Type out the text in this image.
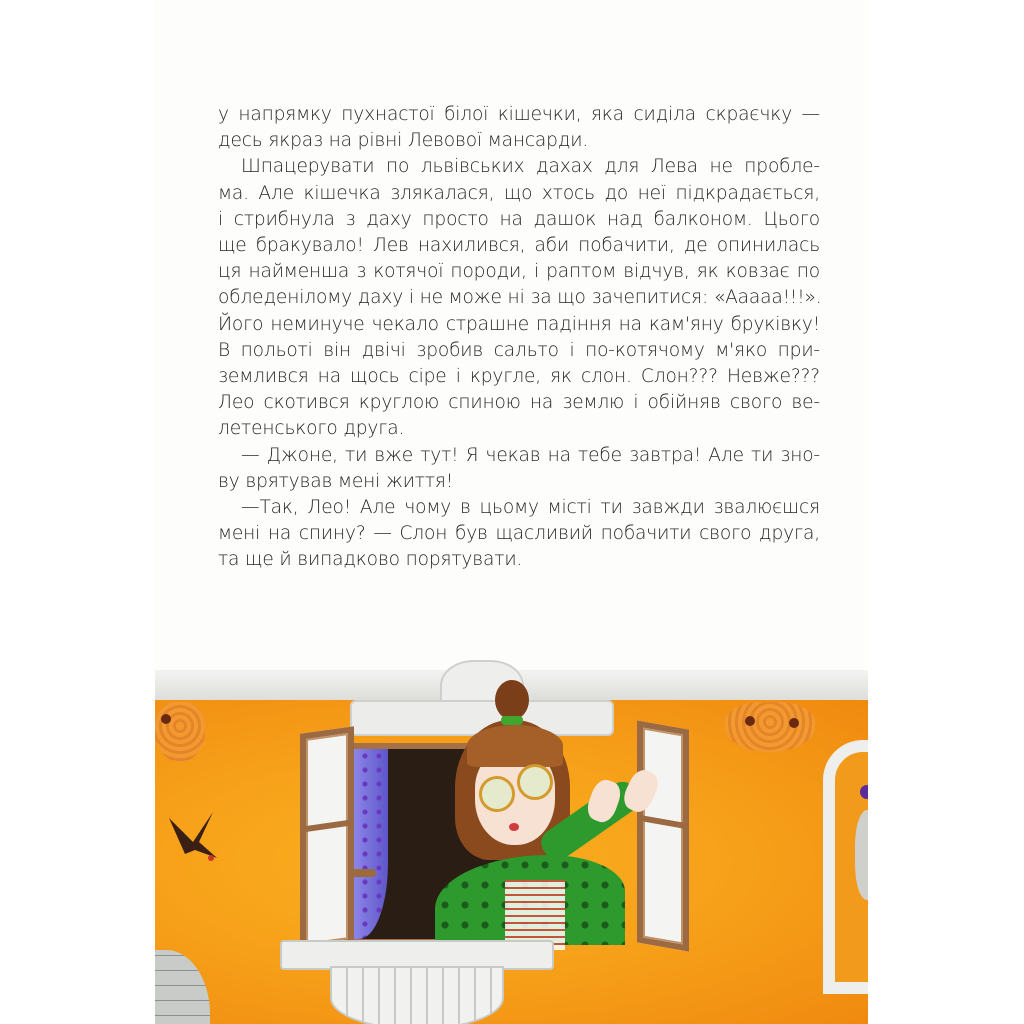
у напрямку пухнастої білої кішечки, яка сиділа скраєчку —
десь якраз на рівні Левової мансарди.
Шпацерувати по львівських дахах для Лева не пробле-
ма. Але кішечка злякалася, що хтось до неї підкрадається,
і стрибнула з даху просто на дашок над балконом. Цього
ще бракувало! Лев нахилився, аби побачити, де опинилась
ця найменша з котячої породи, і раптом відчув, як ковзає по
обледенілому даху і не може ні за що зачепитися: «Ааааа!!!».
Його неминуче чекало страшне падіння на кам'яну бруківку!
В польоті він двічі зробив сальто і по-котячому м'яко при-
землився на щось сіре і кругле, як слон. Слон??? Невже???
Лео скотився круглою спиною на землю і обійняв свого ве-
летенського друга.
— Джоне, ти вже тут! Я чекав на тебе завтра! Але ти зно-
ву врятував мені життя!
—Так, Лео! Але чому в цьому місті ти завжди звалюєшся
мені на спину? — Слон був щасливий побачити свого друга,
та ще й випадково порятувати.
